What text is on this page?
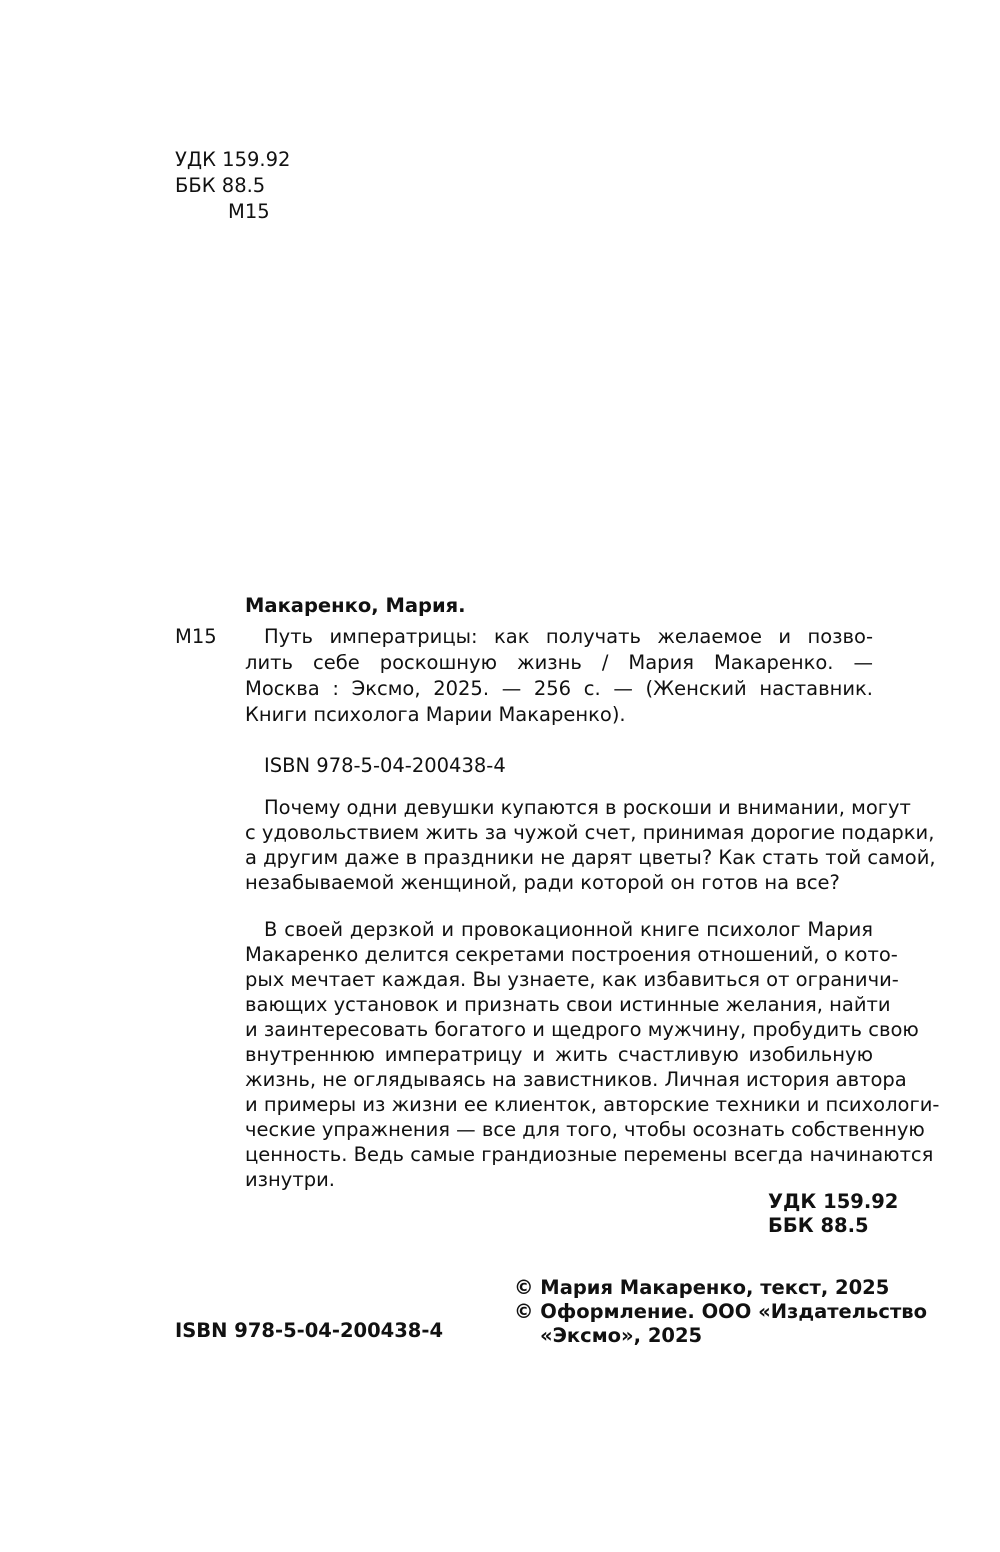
УДК 159.92
ББК 88.5
М15
Макаренко, Мария.
М15 Путь императрицы: как получать желаемое и позво-
лить себе роскошную жизнь / Мария Макаренко. —
Москва : Эксмо, 2025. — 256 с. — (Женский наставник.
Книги психолога Марии Макаренко).
ISBN 978-5-04-200438-4
Почему одни девушки купаются в роскоши и внимании, могут
с удовольствием жить за чужой счет, принимая дорогие подарки,
а другим даже в праздники не дарят цветы? Как стать той самой,
незабываемой женщиной, ради которой он готов на все?
В своей дерзкой и провокационной книге психолог Мария
Макаренко делится секретами построения отношений, о кото-
рых мечтает каждая. Вы узнаете, как избавиться от ограничи-
вающих установок и признать свои истинные желания, найти
и заинтересовать богатого и щедрого мужчину, пробудить свою
внутреннюю императрицу и жить счастливую изобильную
жизнь, не оглядываясь на завистников. Личная история автора
и примеры из жизни ее клиенток, авторские техники и психологи-
ческие упражнения — все для того, чтобы осознать собственную
ценность. Ведь самые грандиозные перемены всегда начинаются
изнутри.
УДК 159.92
ББК 88.5
© Мария Макаренко, текст, 2025
© Оформление. ООО «Издательство
«Эксмо», 2025
ISBN 978-5-04-200438-4
